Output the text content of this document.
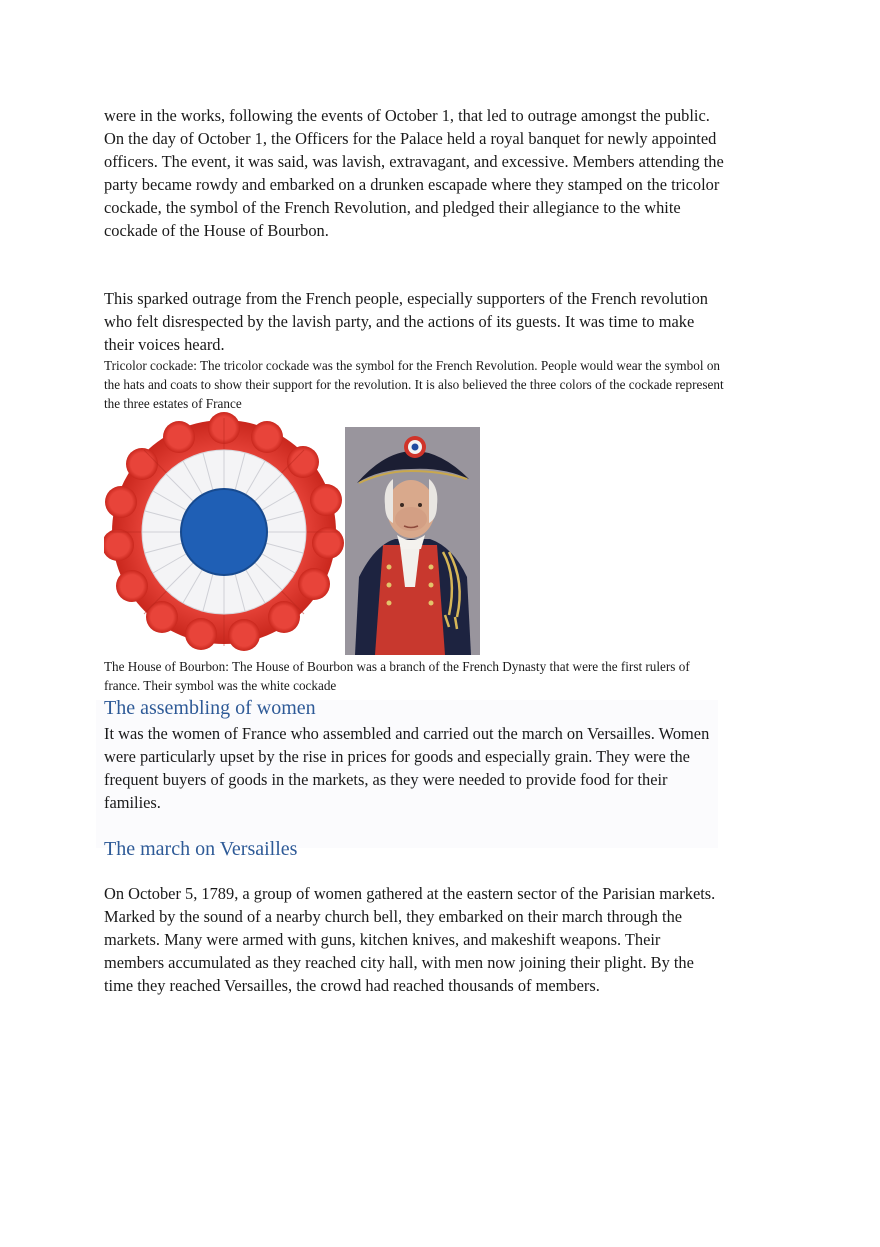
were in the works, following the events of October 1, that led to outrage amongst the public. On the day of October 1, the Officers for the Palace held a royal banquet for newly appointed officers. The event, it was said, was lavish, extravagant, and excessive. Members attending the party became rowdy and embarked on a drunken escapade where they stamped on the tricolor cockade, the symbol of the French Revolution, and pledged their allegiance to the white cockade of the House of Bourbon.

This sparked outrage from the French people, especially supporters of the French revolution who felt disrespected by the lavish party, and the actions of its guests. It was time to make their voices heard.

Tricolor cockade: The tricolor cockade was the symbol for the French Revolution. People would wear the symbol on the hats and coats to show their support for the revolution. It is also believed the three colors of the cockade represent the three estates of France

The House of Bourbon: The House of Bourbon was a branch of the French Dynasty that were the first rulers of france. Their symbol was the white cockade

The assembling of women

It was the women of France who assembled and carried out the march on Versailles. Women were particularly upset by the rise in prices for goods and especially grain. They were the frequent buyers of goods in the markets, as they were needed to provide food for their families.

The march on Versailles

On October 5, 1789, a group of women gathered at the eastern sector of the Parisian markets. Marked by the sound of a nearby church bell, they embarked on their march through the markets. Many were armed with guns, kitchen knives, and makeshift weapons. Their members accumulated as they reached city hall, with men now joining their plight. By the time they reached Versailles, the crowd had reached thousands of members.
